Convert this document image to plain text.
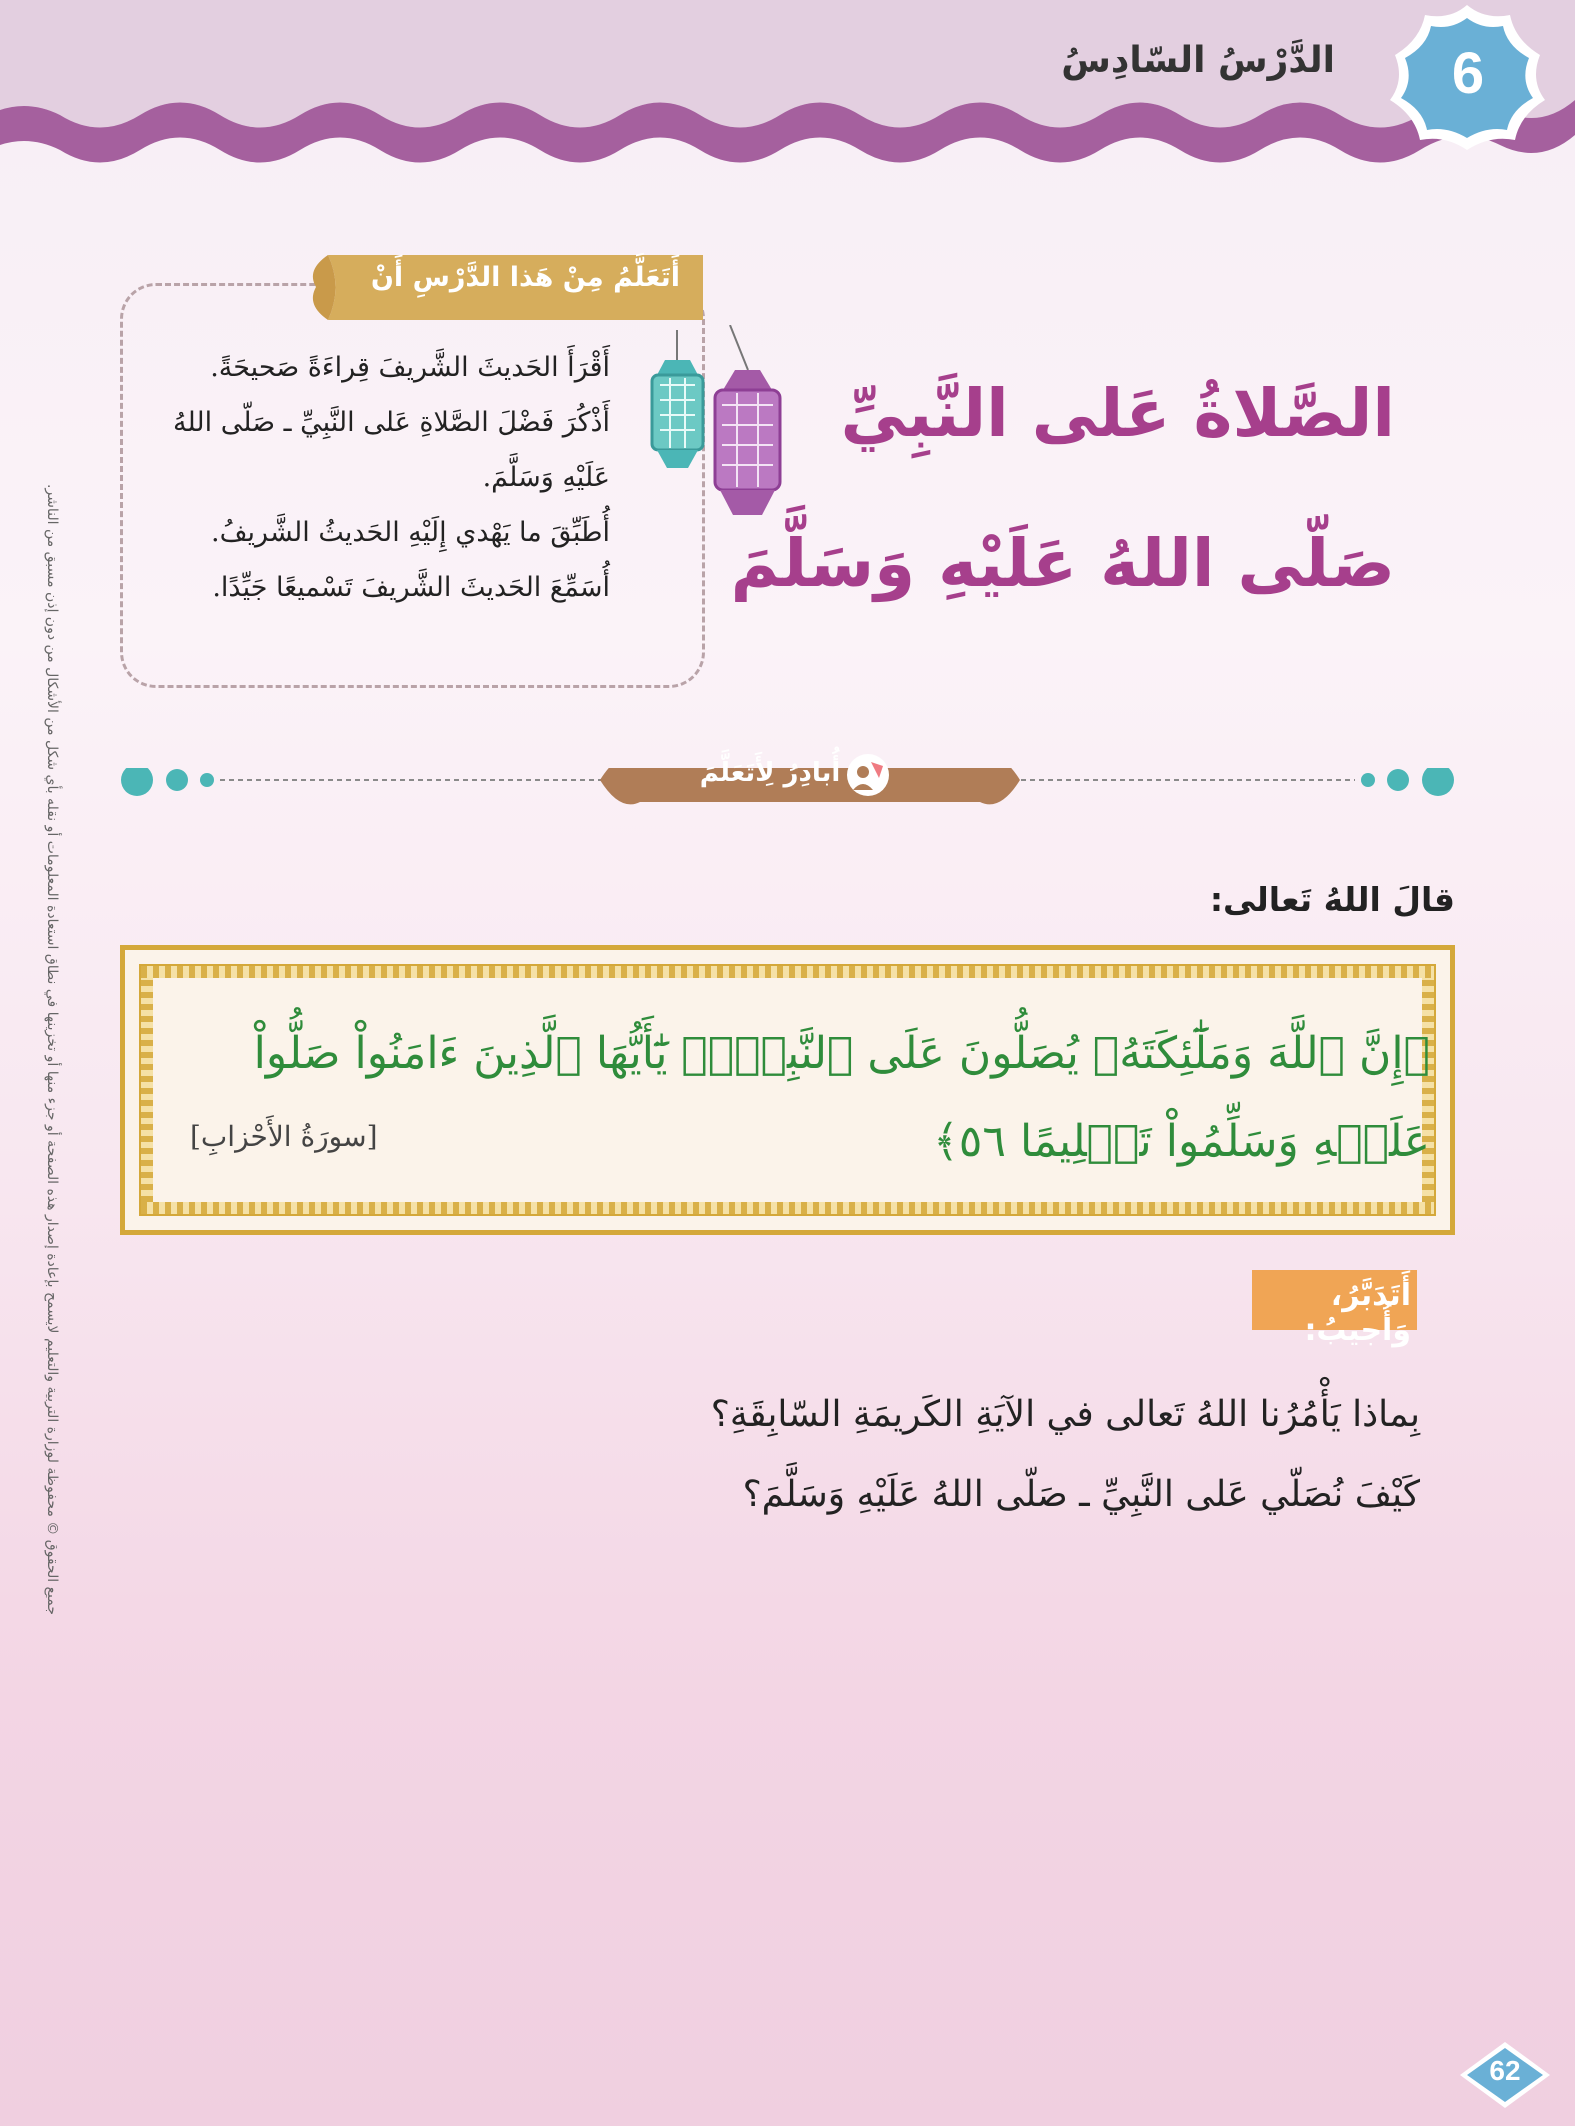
الدَّرْسُ السّادِسُ	6
أَتَعَلَّمُ مِنْ هَذا الدَّرْسِ أَنْ
أَقْرَأَ الحَديثَ الشَّريفَ قِراءَةً صَحيحَةً.
أَذْكُرَ فَضْلَ الصَّلاةِ عَلى النَّبِيِّ ـ صَلّى اللهُ عَلَيْهِ وَسَلَّمَ.
أُطَبِّقَ ما يَهْدي إِلَيْهِ الحَديثُ الشَّريفُ.
أُسَمِّعَ الحَديثَ الشَّريفَ تَسْميعًا جَيِّدًا.
الصَّلاةُ عَلى النَّبِيِّ
صَلّى اللهُ عَلَيْهِ وَسَلَّمَ
أُبادِرُ لِأَتَعَلَّمَ
قالَ اللهُ تَعالى:
﴿إِنَّ ٱللَّهَ وَمَلَٰٓئِكَتَهُۥ يُصَلُّونَ عَلَى ٱلنَّبِيِّۚ يَٰٓأَيُّهَا ٱلَّذِينَ ءَامَنُواْ صَلُّواْ عَلَيۡهِ وَسَلِّمُواْ تَسۡلِيمًا ٥٦﴾
[سورَةُ الأَحْزابِ]
أَتَدَبَّرُ، وَأُجيبُ:
بِماذا يَأْمُرُنا اللهُ تَعالى في الآيَةِ الكَريمَةِ السّابِقَةِ؟
كَيْفَ نُصَلّي عَلى النَّبِيِّ ـ صَلّى اللهُ عَلَيْهِ وَسَلَّمَ؟
جميع الحقوق © محفوظة لوزارة التربية والتعليم لايسمح بإعادة إصدار هذه الصفحة أو جزء منها أو تخزينها في نطاق استعادة المعلومات أو نقله بأي شكل من الأشكال من دون إذن مسبق من الناشر.
62
